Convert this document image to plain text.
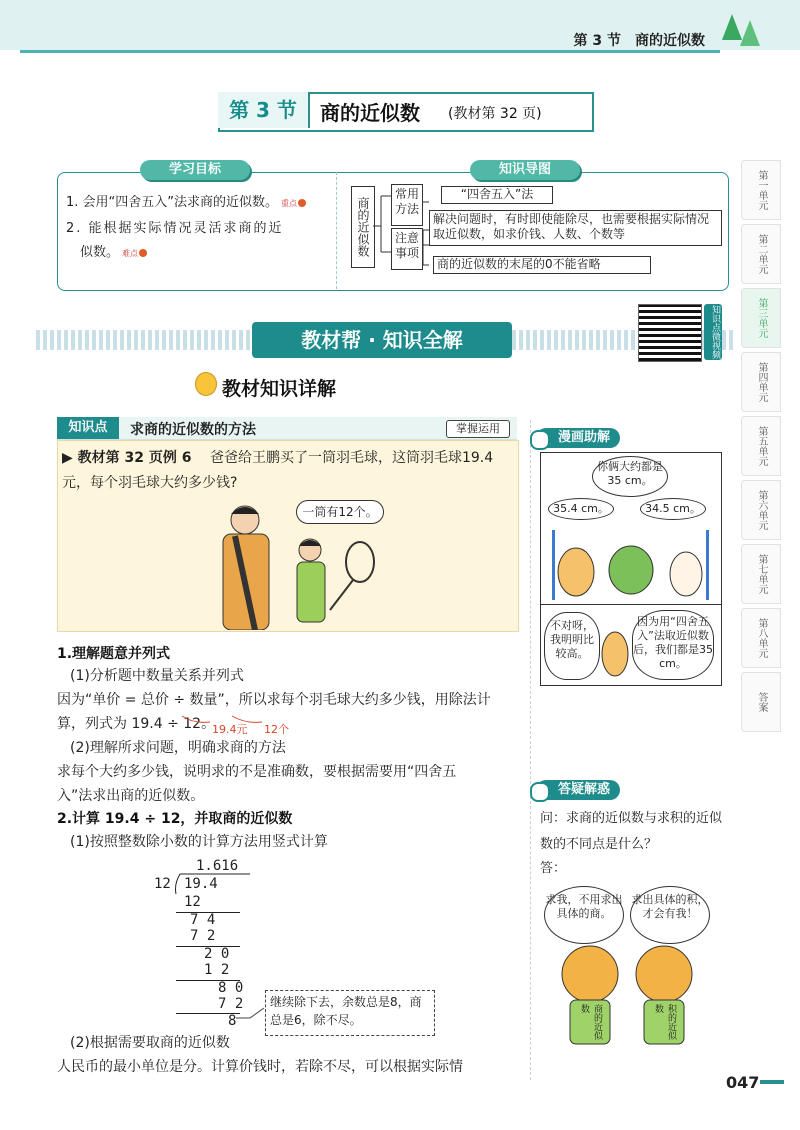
第 3 节　商的近似数
第 3 节	商的近似数 (教材第 32 页)
学习目标	知识导图
1. 会用“四舍五入”法求商的近似数。 重点
2. 能根据实际情况灵活求商的近
似数。 难点	商的近似数
常用方法
注意事项
“四舍五入”法
解决问题时，有时即使能除尽，也需要根据实际情况取近似数，如求价钱、人数、个数等
商的近似数的末尾的0不能省略
教材帮 · 知识全解	知识点微视频
教材知识详解
知识点	求商的近似数的方法	掌握运用
▶ 教材第 32 页例 6 爸爸给王鹏买了一筒羽毛球，这筒羽毛球19.4 元，每个羽毛球大约多少钱?
一筒有12个。
1.理解题意并列式
(1)分析题中数量关系并列式
因为“单价 = 总价 ÷ 数量”，所以求每个羽毛球大约多少钱，用除法计
算，列式为 19.4 ÷ 12。
19.4元 12个
(2)理解所求问题，明确求商的方法
求每个大约多少钱，说明求的不是准确数，要根据需要用“四舍五
入”法求出商的近似数。
2.计算 19.4 ÷ 12，并取商的近似数
(1)按照整数除小数的计算方法用竖式计算
1.616
12 19.4
12
7 4
7 2
2 0
1 2
8 0
7 2
8
继续除下去，余数总是8，商总是6，除不尽。
(2)根据需要取商的近似数
人民币的最小单位是分。计算价钱时，若除不尽，可以根据实际情
漫画助解
你俩大约都是35 cm。
35.4 cm。	34.5 cm。
不对呀，我明明比较高。
因为用“四舍五入”法取近似数后，我们都是35 cm。
答疑解惑
问：求商的近似数与求积的近似数的不同点是什么？
答：
求我，不用求出具体的商。
求出具体的积，才会有我！
商的近似数	积的近似数
第一单元
第二单元
第三单元
第四单元
第五单元
第六单元
第七单元
第八单元
答案
047
